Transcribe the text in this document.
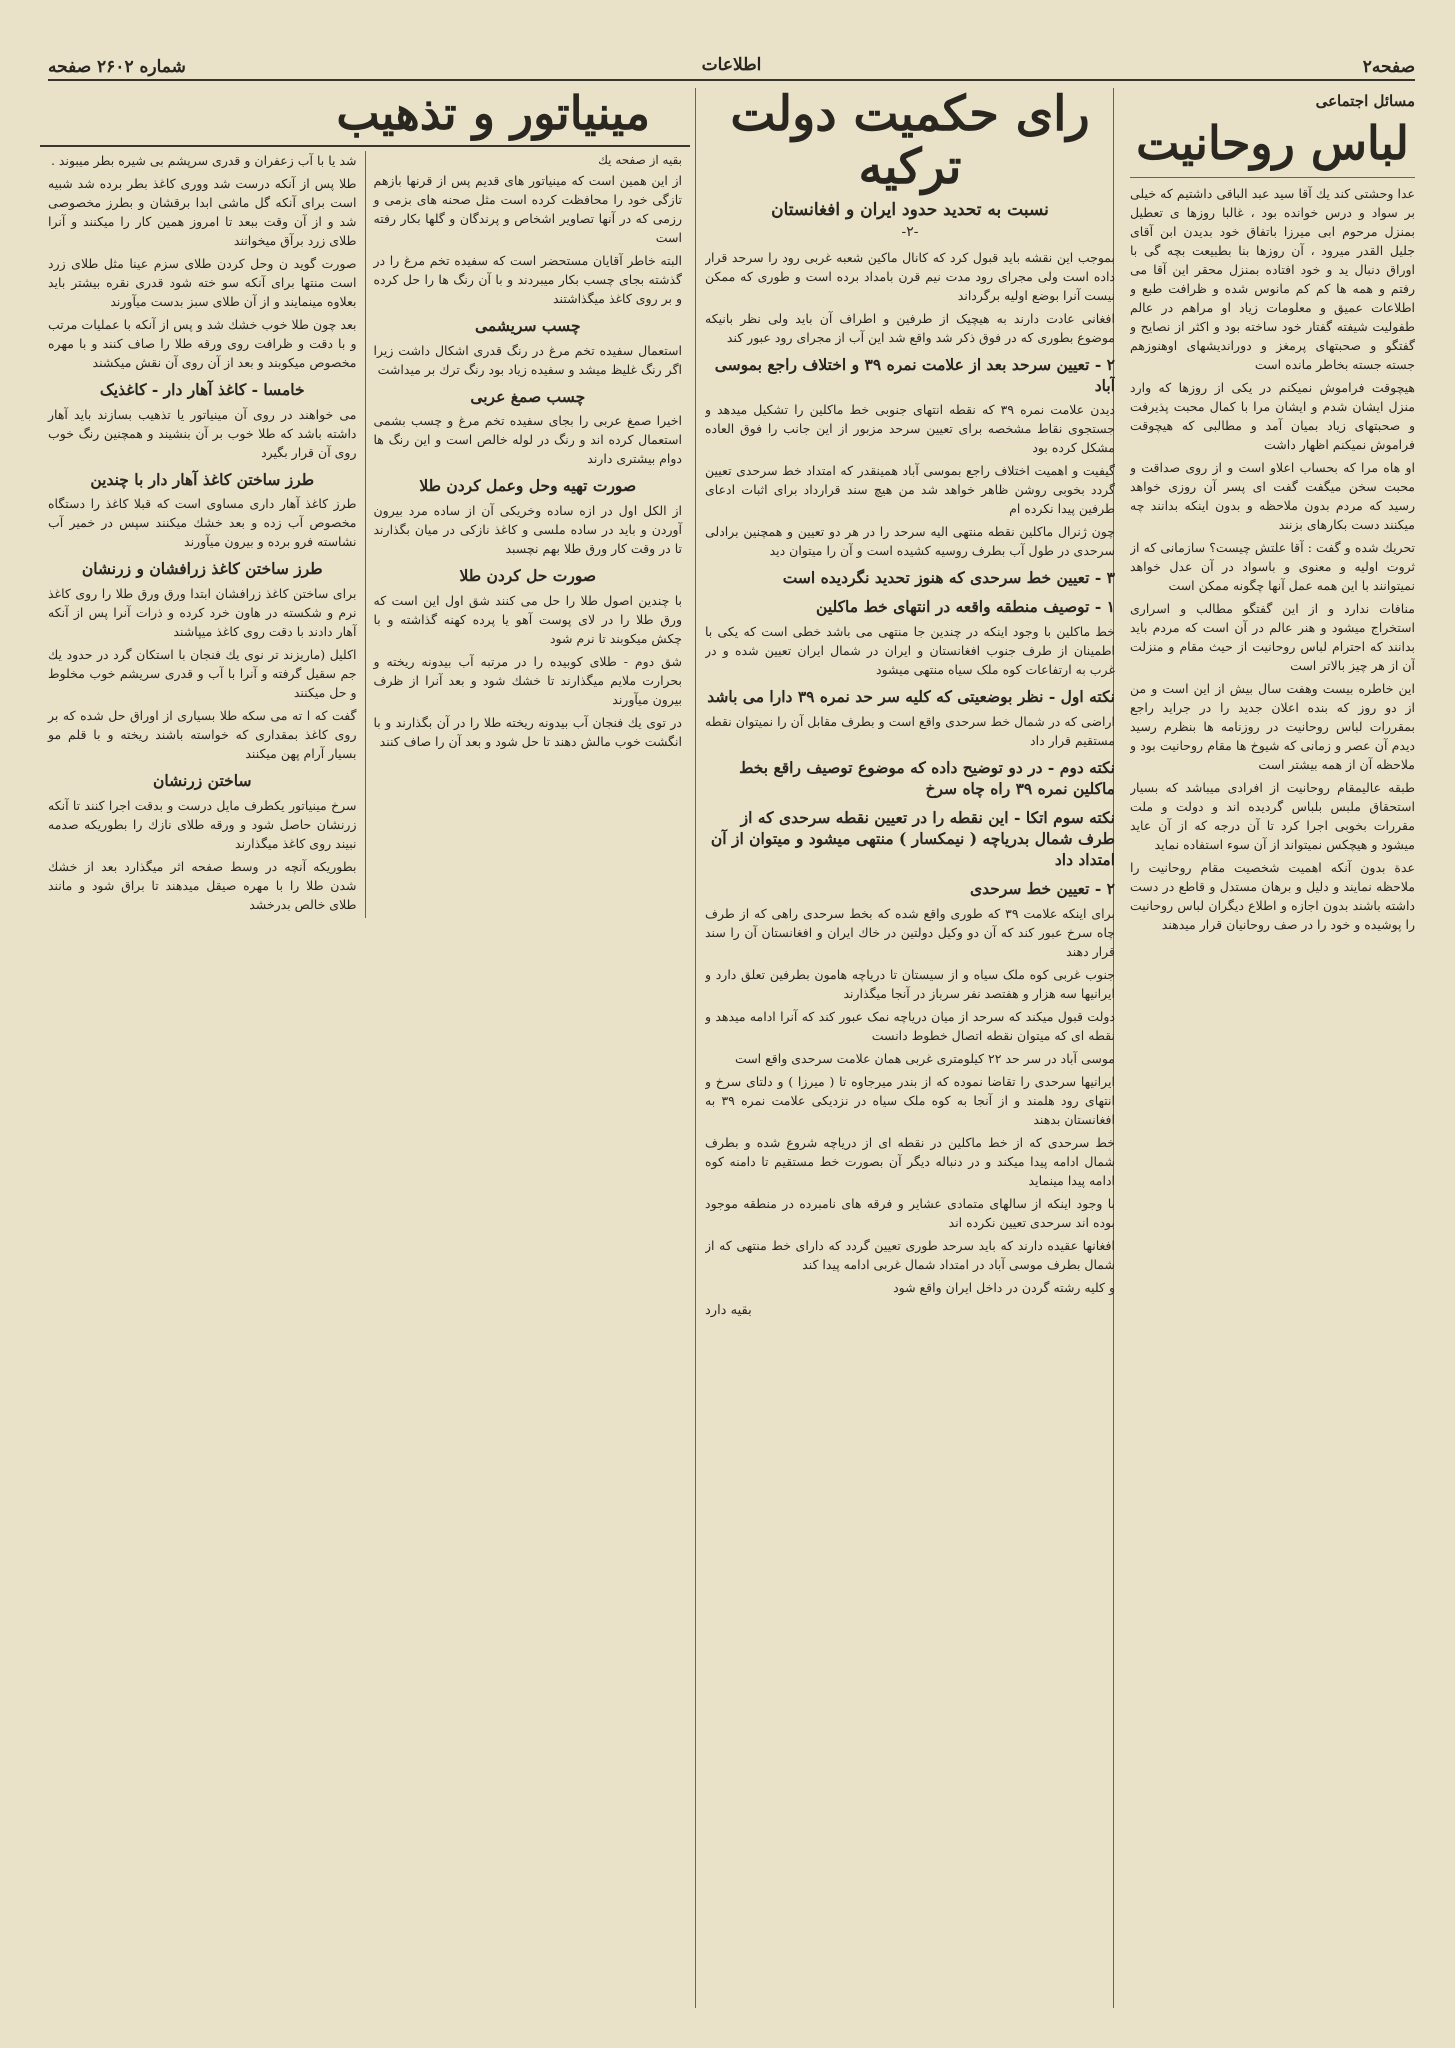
صفحه۲
اطلاعات
شماره ۲۶۰۲ صفحه
مسائل اجتماعی
لباس روحانیت

عدا وحشتی کند یك آقا سید عبد الباقی داشتیم که خیلی بر سواد و درس خوانده بود ، غالبا روزها ی تعطیل بمنزل مرحوم ابی میرزا باتفاق خود بدیدن ابن آقای جلیل القدر میرود ، آن روزها بنا بطبیعت بچه گی با اوراق دنبال ید و خود افتاده بمنزل محقر این آقا می رفتم و همه ها کم کم مانوس شده و ظرافت طبع و اطلاعات عمیق و معلومات زیاد او مراهم در عالم طفولیت شیفته گفتار خود ساخته بود و اکثر از نصایح و گفتگو و صحبتهای پرمغز و دوراندیشهای اوهنوزهم جسته جسته بخاطر مانده است

هیچوقت فراموش نمیکنم در یکی از روزها که وارد منزل ایشان شدم و ایشان مرا با کمال محبت پذیرفت و صحبتهای زیاد بمیان آمد و مطالبی که هیچوقت فراموش نمیکنم اظهار داشت

او هاه مرا که بحساب اعلاو است و از روی صداقت و محبت سخن میگفت گفت ای پسر آن روزی خواهد رسید که مردم بدون ملاحظه و بدون اینکه بدانند چه میکنند دست بکارهای بزنند

تحریك شده و گفت : آقا علتش چیست؟ سازمانی که از ثروت اولیه و معنوی و باسواد در آن عدل خواهد نمیتوانند با این همه عمل آنها چگونه ممکن است

منافات ندارد و از این گفتگو مطالب و اسراری استخراج میشود و هنر عالم در آن است که مردم باید بدانند که احترام لباس روحانیت از حیث مقام و منزلت آن از هر چیز بالاتر است

این خاطره بیست وهفت سال بیش از این است و من از دو روز که بنده اعلان جدید را در جراید راجع بمقررات لباس روحانیت در روزنامه ها بنظرم رسید دیدم آن عصر و زمانی که شیوخ ها مقام روحانیت بود و ملاحظه آن از همه بیشتر است

طبقه عالیمقام روحانیت از افرادی میباشد که بسیار استحقاق ملبس بلباس گردیده اند و دولت و ملت مقررات بخوبی اجرا کرد تا آن درجه که از آن عاید میشود و هیچکس نمیتواند از آن سوء استفاده نماید

عدة بدون آنکه اهمیت شخصیت مقام روحانیت را ملاحظه نمایند و دلیل و برهان مستدل و قاطع در دست داشته باشند بدون اجازه و اطلاع دیگران لباس روحانیت را پوشیده و خود را در صف روحانیان قرار میدهند

رای حکمیت دولت ترکیه
نسبت به تحدید حدود ایران و افغانستان
-۲-

بموجب این نقشه باید قبول کرد که کانال ماکین شعبه غربی رود را سرحد قرار داده است ولی مجرای رود مدت نیم قرن بامداد برده است و طوری که ممکن نیست آنرا بوضع اولیه برگرداند

افغانی عادت دارند به هیچیک از طرفین و اطراف آن باید ولی نظر بانیکه موضوع بطوری که در فوق ذکر شد واقع شد این آب از مجرای رود عبور کند

۲ - تعیین سرحد بعد از علامت نمره ۳۹ و اختلاف راجع بموسی آباد

دیدن علامت نمره ۳۹ که نقطه انتهای جنوبی خط ماکلین را تشکیل میدهد و جستجوی نقاط مشخصه برای تعیین سرحد مزبور از این جانب را فوق العاده مشکل کرده بود

گیفیت و اهمیت اختلاف راجع بموسی آباد همینقدر که امتداد خط سرحدی تعیین گردد بخوبی روشن ظاهر خواهد شد من هیچ سند قرارداد برای اثبات ادعای طرفین پیدا نکرده ام

چون ژنرال ماکلین نقطه منتهی الیه سرحد را در هر دو تعیین و همچنین برادلی سرحدی در طول آب بطرف روسیه کشیده است و آن را میتوان دید

۳ - تعیین خط سرحدی که هنوز تحدید نگردیده است
۱ - توصیف منطقه واقعه در انتهای خط ماکلین

خط ماکلین با وجود اینکه در چندین جا منتهی می باشد خطی است که یکی با اطمینان از طرف جنوب افغانستان و ایران در شمال ایران تعیین شده و در غرب به ارتفاعات کوه ملک سیاه منتهی میشود

نکته اول - نظر بوضعیتی که کلیه سر حد نمره ۳۹ دارا می باشد

اراضی که در شمال خط سرحدی واقع است و بطرف مقابل آن را نمیتوان نقطه مستقیم قرار داد

نکته دوم - در دو توضیح داده که موضوع توصیف راقع بخط ماکلین نمره ۳۹ راه چاه سرخ
نکته سوم اتکا - این نقطه را در تعیین نقطه سرحدی که از طرف شمال بدریاچه ( نیمکسار ) منتهی میشود و میتوان از آن امتداد داد
۲ - تعیین خط سرحدی

برای اینکه علامت ۳۹ که طوری واقع شده که بخط سرحدی راهی که از طرف چاه سرخ عبور کند که آن دو وکیل دولتین در خاك ایران و افغانستان آن را سند قرار دهند

جنوب غربی کوه ملک سیاه و از سیستان تا دریاچه هامون بطرفین تعلق دارد و ایرانیها سه هزار و هفتصد نفر سرباز در آنجا میگذارند

دولت قبول میکند که سرحد از میان دریاچه نمک عبور کند که آنرا ادامه میدهد و نقطه ای که میتوان نقطه اتصال خطوط دانست

موسی آباد در سر حد ۲۲ کیلومتری غربی همان علامت سرحدی واقع است

ایرانیها سرحدی را تقاضا نموده که از بندر میرجاوه تا ( میرزا ) و دلتای سرخ و انتهای رود هلمند و از آنجا به کوه ملک سیاه در نزدیکی علامت نمره ۳۹ به افغانستان بدهند

خط سرحدی که از خط ماکلین در نقطه ای از دریاچه شروع شده و بطرف شمال ادامه پیدا میکند و در دنباله دیگر آن بصورت خط مستقیم تا دامنه کوه ادامه پیدا مینماید

با وجود اینکه از سالهای متمادی عشایر و فرقه های نامبرده در منطقه موجود بوده اند سرحدی تعیین نکرده اند

افغانها عقیده دارند که باید سرحد طوری تعیین گردد که دارای خط منتهی که از شمال بطرف موسی آباد در امتداد شمال غربی ادامه پیدا کند

و کلیه رشته گردن در داخل ایران واقع شود

بقیه دارد
مینیاتور و تذهیب
بقیه از صفحه یك

از این همین است که مینیاتور های قدیم پس از قرنها بازهم تازگی خود را محافظت کرده است مثل صحنه های بزمی و رزمی که در آنها تصاویر اشخاص و پرندگان و گلها بکار رفته است

البته خاطر آقایان مستحضر است که سفیده تخم مرغ را در گذشته بجای چسب بکار میبردند و با آن رنگ ها را حل کرده و بر روی کاغذ میگذاشتند

چسب سریشمی

استعمال سفیده تخم مرغ در رنگ قدری اشکال داشت زیرا اگر رنگ غلیظ میشد و سفیده زیاد بود رنگ ترك بر میداشت

چسب صمغ عربی

اخیرا صمغ عربی را بجای سفیده تخم مرغ و چسب بشمی استعمال کرده اند و رنگ در لوله خالص است و این رنگ ها دوام بیشتری دارند

صورت تهیه وحل وعمل کردن طلا

از الکل اول در ازه ساده وخریکی آن از ساده مرد بیرون آوردن و باید در ساده ملسی و کاغذ نازکی در میان بگذارند تا در وقت کار ورق طلا بهم نچسبد

صورت حل کردن طلا

با چندین اصول طلا را حل می کنند شق اول این است که ورق طلا را در لای پوست آهو یا پرده کهنه گذاشته و با چکش میکوبند تا نرم شود

شق دوم - طلای کوبیده را در مرتبه آب بیدونه ریخته و بحرارت ملایم میگذارند تا خشك شود و بعد آنرا از ظرف بیرون میآورند

در توی یك فنجان آب بیدونه ریخته طلا را در آن بگذارند و با انگشت خوب مالش دهند تا حل شود و بعد آن را صاف کنند

شد یا با آب زعفران و قدری سرپشم بی شیره بطر میبوند .

طلا پس از آنکه درست شد ووری کاغذ بطر برده شد شبیه است برای آنکه گل ماشی ابدا برقشان و بطرز مخصوصی شد و از آن وقت ببعد تا امروز همین کار را میکنند و آنرا طلای زرد برآق میخوانند

صورت گوید ن وحل کردن طلای سزم عینا مثل طلای زرد است منتها برای آنکه سو خته شود قدری نقره بیشتر باید بعلاوه مینمایند و از آن طلای سبز بدست میآورند

بعد چون طلا خوب خشك شد و پس از آنکه با عملیات مرتب و با دقت و ظرافت روی ورقه طلا را صاف کنند و با مهره مخصوص میکوبند و بعد از آن روی آن نقش میکشند

خامسا - کاغذ آهار دار - کاغذیک

می خواهند در روی آن مینیاتور یا تذهیب بسازند باید آهار داشته باشد که طلا خوب بر آن بنشیند و همچنین رنگ خوب روی آن قرار بگیرد

طرز ساختن کاغذ آهار دار با چندین

طرز کاغذ آهار داری مساوی است که قبلا کاغذ را دستگاه مخصوص آب زده و بعد خشك میکنند سپس در خمیر آب نشاسته فرو برده و بیرون میآورند

طرز ساختن کاغذ زرافشان و زرنشان

برای ساختن کاغذ زرافشان ابتدا ورق ورق طلا را روی کاغذ نرم و شکسته در هاون خرد کرده و ذرات آنرا پس از آنکه آهار دادند با دقت روی کاغذ میپاشند

اکلیل (ماریزند تر نوی یك فنجان با استکان گرد در حدود یك جم سقیل گرفته و آنرا با آب و قدری سریشم خوب مخلوط و حل میکنند

گفت که ا ته می سکه طلا بسیاری از اوراق حل شده که بر روی کاغذ بمقداری که خواسته باشند ریخته و با قلم مو بسیار آرام پهن میکنند

ساختن زرنشان

سرخ مینیاتور یکطرف مایل درست و بدقت اجرا کنند تا آنکه زرنشان حاصل شود و ورقه طلای نازك را بطوریکه صدمه نبیند روی کاغذ میگذارند

بطوریکه آنچه در وسط صفحه اثر میگذارد بعد از خشك شدن طلا را با مهره صیقل میدهند تا براق شود و مانند طلای خالص بدرخشد
